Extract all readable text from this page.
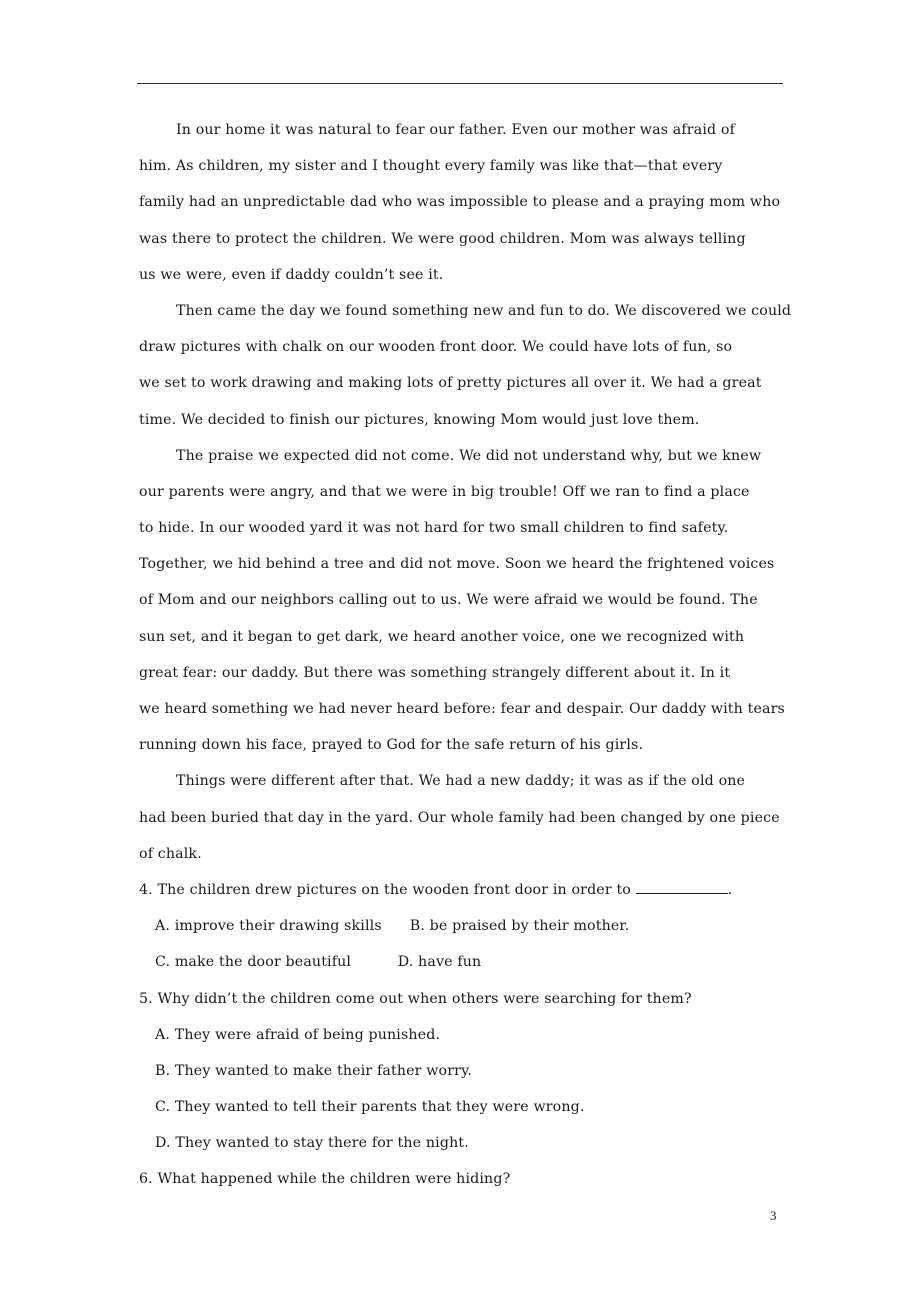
In our home it was natural to fear our father. Even our mother was afraid of
him. As children, my sister and I thought every family was like that—that every
family had an unpredictable dad who was impossible to please and a praying mom who
was there to protect the children. We were good children. Mom was always telling
us we were, even if daddy couldn’t see it.
Then came the day we found something new and fun to do. We discovered we could
draw pictures with chalk on our wooden front door. We could have lots of fun, so
we set to work drawing and making lots of pretty pictures all over it. We had a great
time. We decided to finish our pictures, knowing Mom would just love them.
The praise we expected did not come. We did not understand why, but we knew
our parents were angry, and that we were in big trouble! Off we ran to find a place
to hide. In our wooded yard it was not hard for two small children to find safety.
Together, we hid behind a tree and did not move. Soon we heard the frightened voices
of Mom and our neighbors calling out to us. We were afraid we would be found. The
sun set, and it began to get dark, we heard another voice, one we recognized with
great fear: our daddy. But there was something strangely different about it. In it
we heard something we had never heard before: fear and despair. Our daddy with tears
running down his face, prayed to God for the safe return of his girls.
Things were different after that. We had a new daddy; it was as if the old one
had been buried that day in the yard. Our whole family had been changed by one piece
of chalk.
4. The children drew pictures on the wooden front door in order to	.
A. improve their drawing skills      B. be praised by their mother.
C. make the door beautiful          D. have fun
5. Why didn’t the children come out when others were searching for them?
A. They were afraid of being punished.
B. They wanted to make their father worry.
C. They wanted to tell their parents that they were wrong.
D. They wanted to stay there for the night.
6. What happened while the children were hiding?
3
